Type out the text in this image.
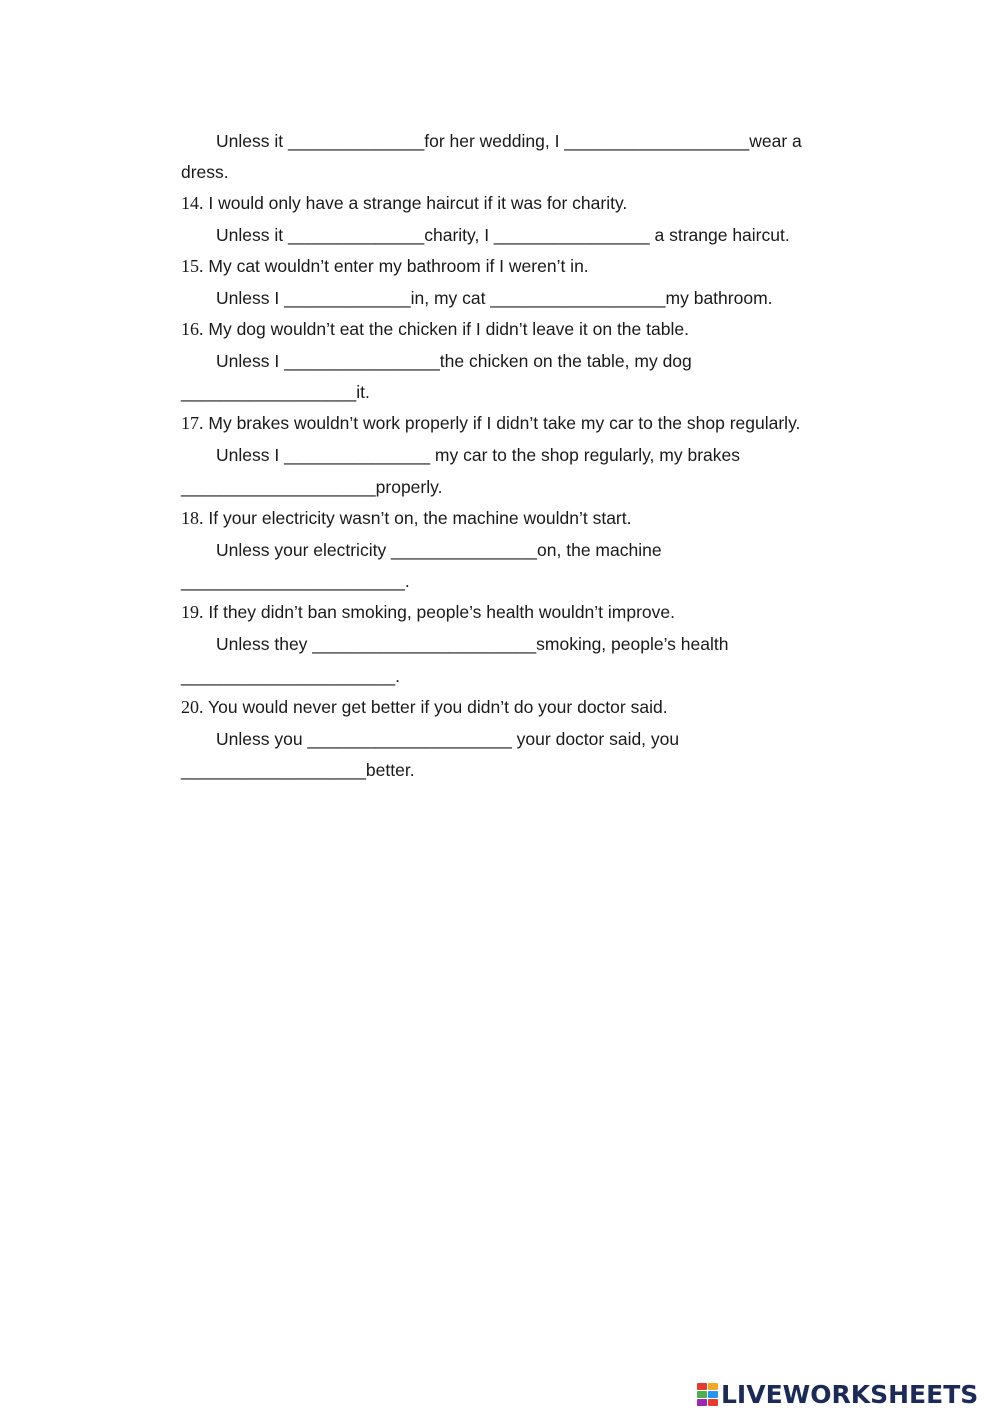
Unless it ______________for her wedding, I ___________________wear a
dress.
14. I would only have a strange haircut if it was for charity.
Unless it ______________charity, I ________________ a strange haircut.
15. My cat wouldn’t enter my bathroom if I weren’t in.
Unless I _____________in, my cat __________________my bathroom.
16. My dog wouldn’t eat the chicken if I didn’t leave it on the table.
Unless I ________________the chicken on the table, my dog
__________________it.
17. My brakes wouldn’t work properly if I didn’t take my car to the shop regularly.
Unless I _______________ my car to the shop regularly, my brakes
____________________properly.
18. If your electricity wasn’t on, the machine wouldn’t start.
Unless your electricity _______________on, the machine
_______________________.
19. If they didn’t ban smoking, people’s health wouldn’t improve.
Unless they _______________________smoking, people’s health
______________________.
20. You would never get better if you didn’t do your doctor said.
Unless you _____________________ your doctor said, you
___________________better.
LIVEWORKSHEETS
